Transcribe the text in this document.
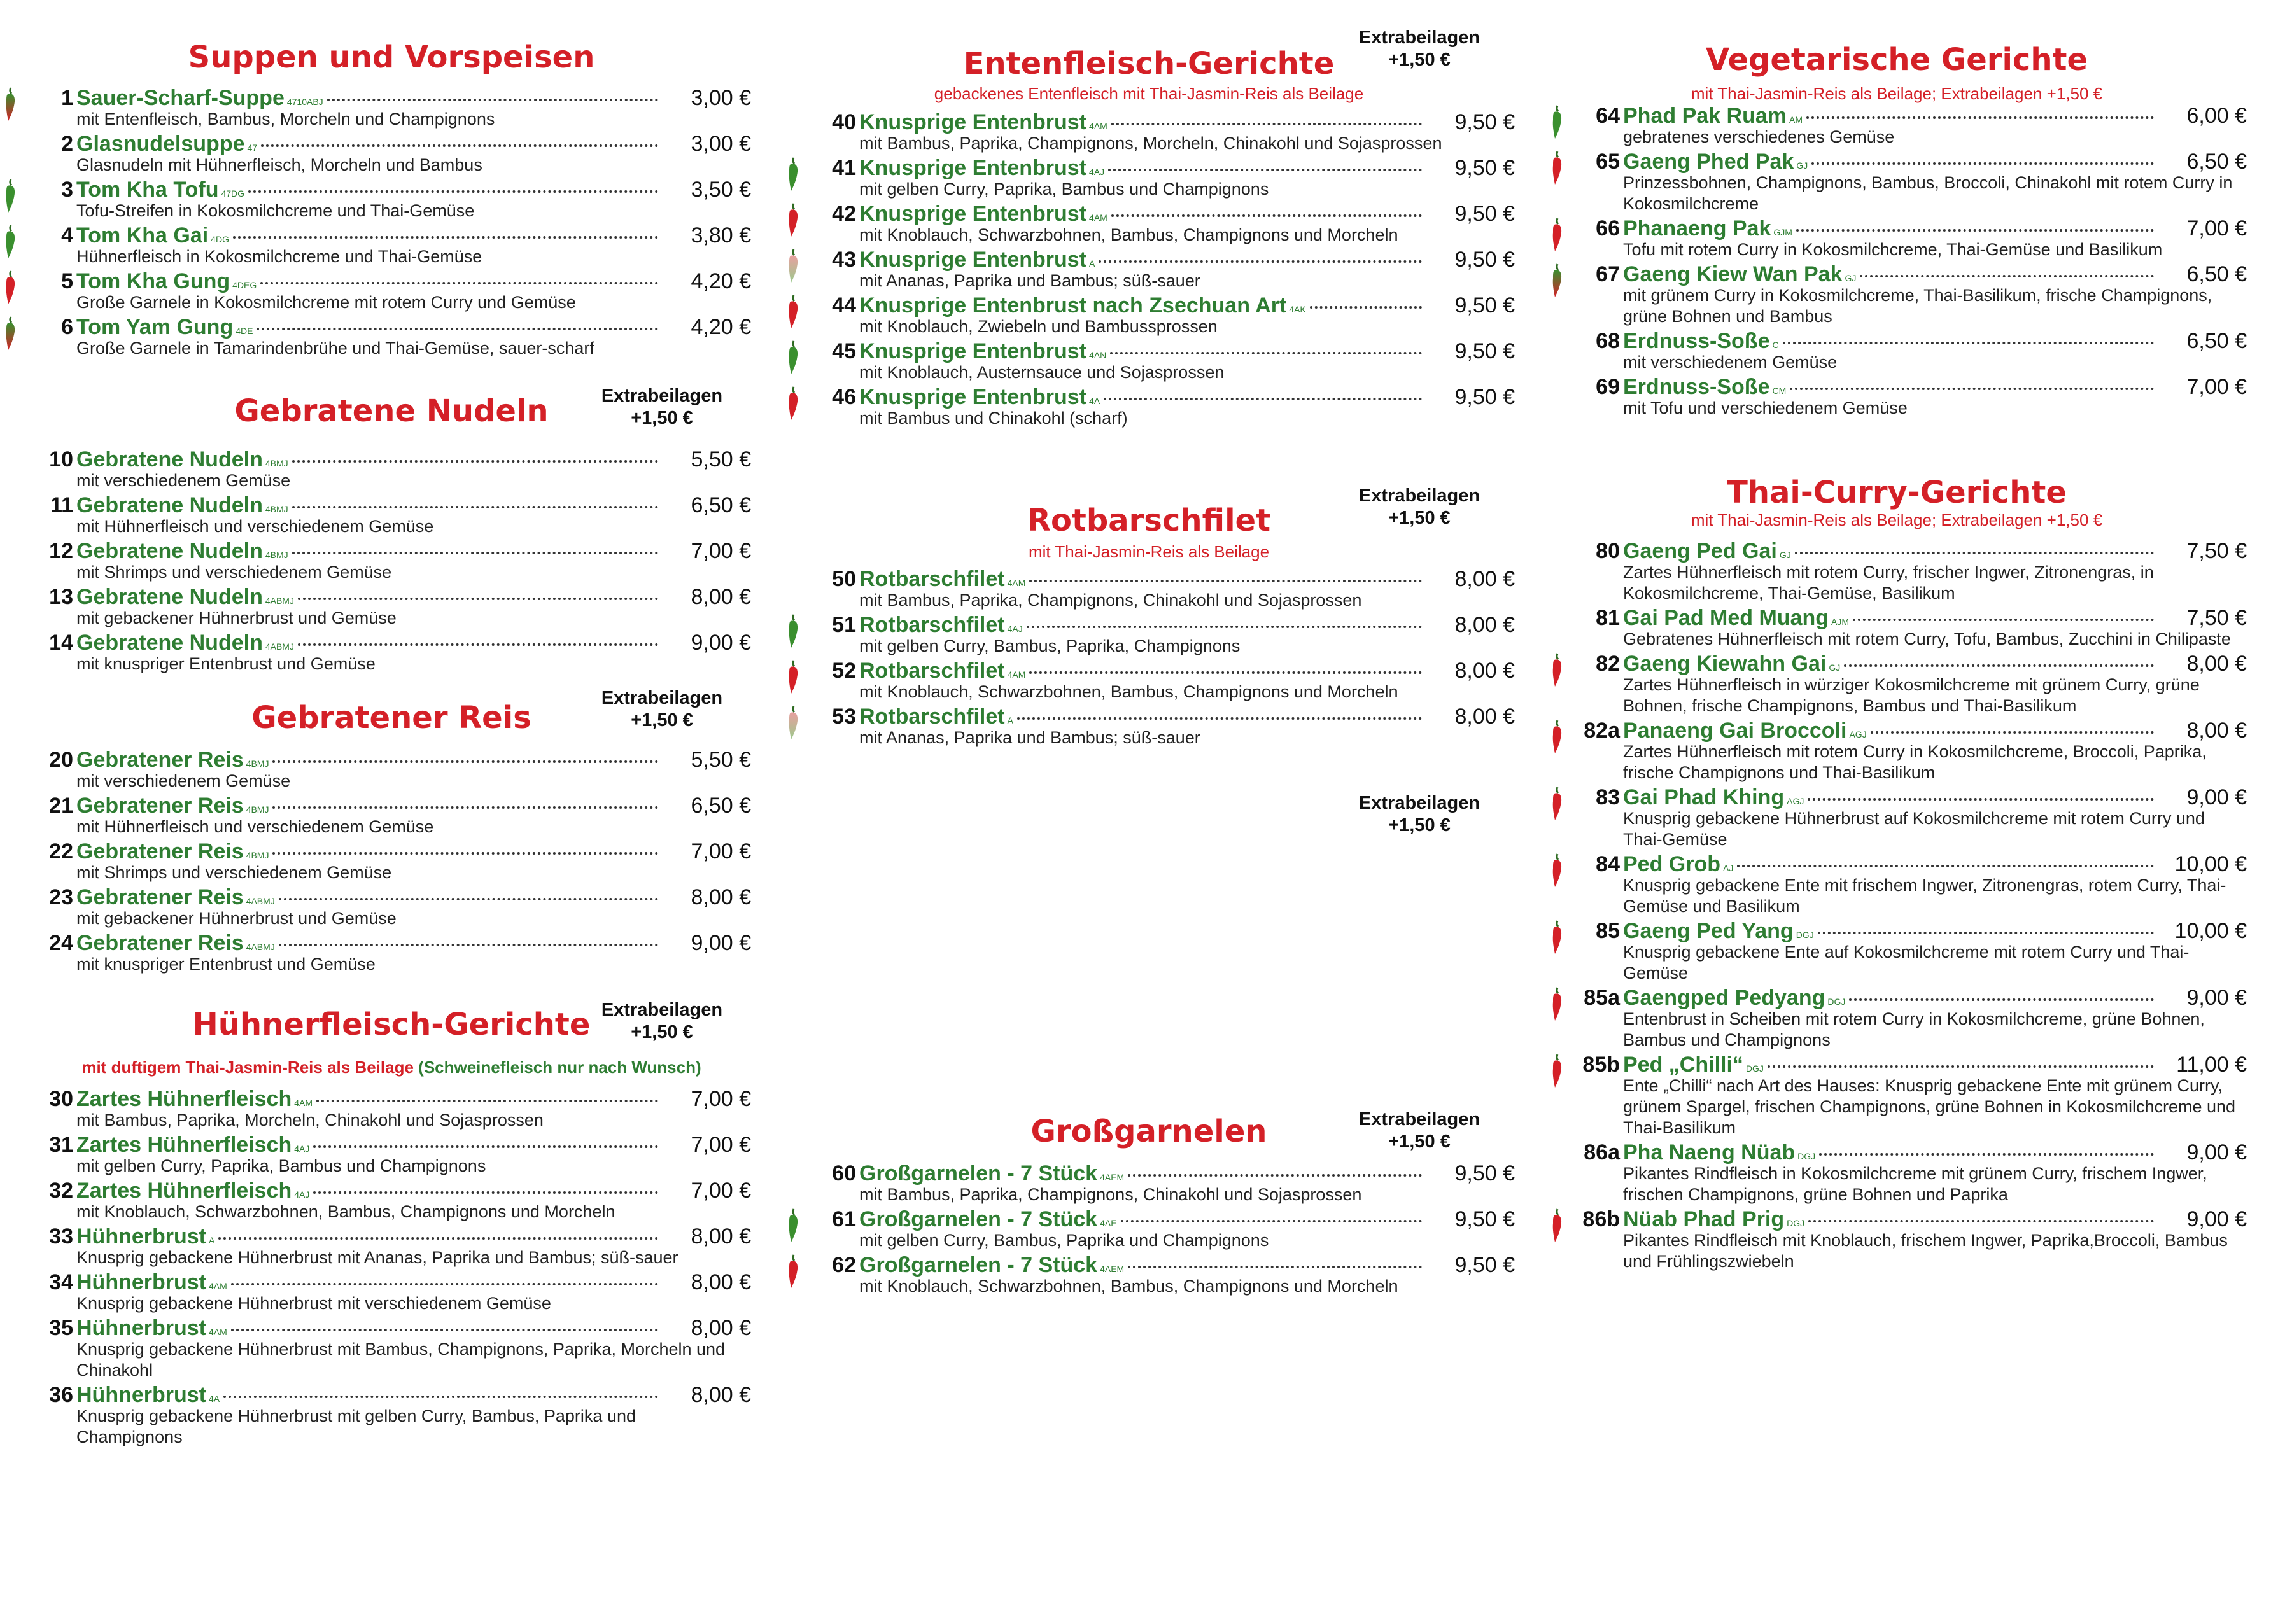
Suppen und Vorspeisen
1 Sauer-Scharf-Suppe 4710ABJ	3,00 €
mit Entenfleisch, Bambus, Morcheln und Champignons
2 Glasnudelsuppe 47	3,00 €
Glasnudeln mit Hühnerfleisch, Morcheln und Bambus
3 Tom Kha Tofu 47DG	3,50 €
Tofu-Streifen in Kokosmilchcreme und Thai-Gemüse
4 Tom Kha Gai 4DG	3,80 €
Hühnerfleisch in Kokosmilchcreme und Thai-Gemüse
5 Tom Kha Gung 4DEG	4,20 €
Große Garnele in Kokosmilchcreme mit rotem Curry und Gemüse
6 Tom Yam Gung 4DE	4,20 €
Große Garnele in Tamarindenbrühe und Thai-Gemüse, sauer-scharf
Gebratene Nudeln	Extrabeilagen
+1,50 €
10 Gebratene Nudeln 4BMJ	5,50 €
mit verschiedenem Gemüse
11 Gebratene Nudeln 4BMJ	6,50 €
mit Hühnerfleisch und verschiedenem Gemüse
12 Gebratene Nudeln 4BMJ	7,00 €
mit Shrimps und verschiedenem Gemüse
13 Gebratene Nudeln 4ABMJ	8,00 €
mit gebackener Hühnerbrust und Gemüse
14 Gebratene Nudeln 4ABMJ	9,00 €
mit knuspriger Entenbrust und Gemüse
Gebratener Reis
Extrabeilagen
+1,50 €
20 Gebratener Reis 4BMJ	5,50 €
mit verschiedenem Gemüse
21 Gebratener Reis 4BMJ	6,50 €
mit Hühnerfleisch und verschiedenem Gemüse
22 Gebratener Reis 4BMJ	7,00 €
mit Shrimps und verschiedenem Gemüse
23 Gebratener Reis 4ABMJ	8,00 €
mit gebackener Hühnerbrust und Gemüse
24 Gebratener Reis 4ABMJ	9,00 €
mit knuspriger Entenbrust und Gemüse
Hühnerfleisch-Gerichte Extrabeilagen
+1,50 €
mit duftigem Thai-Jasmin-Reis als Beilage (Schweinefleisch nur nach Wunsch)
30 Zartes Hühnerfleisch 4AM	7,00 €
mit Bambus, Paprika, Morcheln, Chinakohl und Sojasprossen
31 Zartes Hühnerfleisch 4AJ	7,00 €
mit gelben Curry, Paprika, Bambus und Champignons
32 Zartes Hühnerfleisch 4AJ	7,00 €
mit Knoblauch, Schwarzbohnen, Bambus, Champignons und Morcheln
33 Hühnerbrust A	8,00 €
Knusprig gebackene Hühnerbrust mit Ananas, Paprika und Bambus; süß-sauer
34 Hühnerbrust 4AM	8,00 €
Knusprig gebackene Hühnerbrust mit verschiedenem Gemüse
35 Hühnerbrust 4AM	8,00 €
Knusprig gebackene Hühnerbrust mit Bambus, Champignons, Paprika, Morcheln und Chinakohl
36 Hühnerbrust 4A	8,00 €
Knusprig gebackene Hühnerbrust mit gelben Curry, Bambus, Paprika und Champignons
Entenfleisch-Gerichte
Extrabeilagen
+1,50 €
gebackenes Entenfleisch mit Thai-Jasmin-Reis als Beilage
40 Knusprige Entenbrust 4AM	9,50 €
mit Bambus, Paprika, Champignons, Morcheln, Chinakohl und Sojasprossen
41 Knusprige Entenbrust 4AJ	9,50 €
mit gelben Curry, Paprika, Bambus und Champignons
42 Knusprige Entenbrust 4AM	9,50 €
mit Knoblauch, Schwarzbohnen, Bambus, Champignons und Morcheln
43 Knusprige Entenbrust A	9,50 €
mit Ananas, Paprika und Bambus; süß-sauer
44 Knusprige Entenbrust nach Zsechuan Art 4AK	9,50 €
mit Knoblauch, Zwiebeln und Bambussprossen
45 Knusprige Entenbrust 4AN	9,50 €
mit Knoblauch, Austernsauce und Sojasprossen
46 Knusprige Entenbrust 4A	9,50 €
mit Bambus und Chinakohl (scharf)
Rotbarschfilet
Extrabeilagen
+1,50 €
mit Thai-Jasmin-Reis als Beilage
50 Rotbarschfilet 4AM	8,00 €
mit Bambus, Paprika, Champignons, Chinakohl und Sojasprossen
51 Rotbarschfilet 4AJ	8,00 €
mit gelben Curry, Bambus, Paprika, Champignons
52 Rotbarschfilet 4AM	8,00 €
mit Knoblauch, Schwarzbohnen, Bambus, Champignons und Morcheln
53 Rotbarschfilet A	8,00 €
mit Ananas, Paprika und Bambus; süß-sauer
Extrabeilagen
+1,50 €
Großgarnelen	Extrabeilagen
+1,50 €
60 Großgarnelen - 7 Stück 4AEM	9,50 €
mit Bambus, Paprika, Champignons, Chinakohl und Sojasprossen
61 Großgarnelen - 7 Stück 4AE	9,50 €
mit gelben Curry, Bambus, Paprika und Champignons
62 Großgarnelen - 7 Stück 4AEM	9,50 €
mit Knoblauch, Schwarzbohnen, Bambus, Champignons und Morcheln
Vegetarische Gerichte
mit Thai-Jasmin-Reis als Beilage; Extrabeilagen +1,50 €
64 Phad Pak Ruam AM	6,00 €
gebratenes verschiedenes Gemüse
65 Gaeng Phed Pak GJ	6,50 €
Prinzessbohnen, Champignons, Bambus, Broccoli, Chinakohl mit rotem Curry in Kokosmilchcreme
66 Phanaeng Pak GJM	7,00 €
Tofu mit rotem Curry in Kokosmilchcreme, Thai-Gemüse und Basilikum
67 Gaeng Kiew Wan Pak GJ	6,50 €
mit grünem Curry in Kokosmilchcreme, Thai-Basilikum, frische Champignons, grüne Bohnen und Bambus
68 Erdnuss-Soße C	6,50 €
mit verschiedenem Gemüse
69 Erdnuss-Soße CM	7,00 €
mit Tofu und verschiedenem Gemüse
Thai-Curry-Gerichte
mit Thai-Jasmin-Reis als Beilage; Extrabeilagen +1,50 €
80 Gaeng Ped Gai GJ	7,50 €
Zartes Hühnerfleisch mit rotem Curry, frischer Ingwer, Zitronengras, in Kokosmilchcreme, Thai-Gemüse, Basilikum
81 Gai Pad Med Muang AJM	7,50 €
Gebratenes Hühnerfleisch mit rotem Curry, Tofu, Bambus, Zucchini in Chilipaste
82 Gaeng Kiewahn Gai GJ	8,00 €
Zartes Hühnerfleisch in würziger Kokosmilchcreme mit grünem Curry, grüne Bohnen, frische Champignons, Bambus und Thai-Basilikum
82a Panaeng Gai Broccoli AGJ	8,00 €
Zartes Hühnerfleisch mit rotem Curry in Kokosmilchcreme, Broccoli, Paprika, frische Champignons und Thai-Basilikum
83 Gai Phad Khing AGJ	9,00 €
Knusprig gebackene Hühnerbrust auf Kokosmilchcreme mit rotem Curry und Thai-Gemüse
84 Ped Grob AJ	10,00 €
Knusprig gebackene Ente mit frischem Ingwer, Zitronengras, rotem Curry, Thai-Gemüse und Basilikum
85 Gaeng Ped Yang DGJ	10,00 €
Knusprig gebackene Ente auf Kokosmilchcreme mit rotem Curry und Thai-Gemüse
85a Gaengped Pedyang DGJ	9,00 €
Entenbrust in Scheiben mit rotem Curry in Kokosmilchcreme, grüne Bohnen, Bambus und Champignons
85b Ped „Chilli“ DGJ	11,00 €
Ente „Chilli“ nach Art des Hauses: Knusprig gebackene Ente mit grünem Curry, grünem Spargel, frischen Champignons, grüne Bohnen in Kokosmilchcreme und Thai-Basilikum
86a Pha Naeng Nüab DGJ	9,00 €
Pikantes Rindfleisch in Kokosmilchcreme mit grünem Curry, frischem Ingwer, frischen Champignons, grüne Bohnen und Paprika
86b Nüab Phad Prig DGJ	9,00 €
Pikantes Rindfleisch mit Knoblauch, frischem Ingwer, Paprika,Broccoli, Bambus und Frühlingszwiebeln
